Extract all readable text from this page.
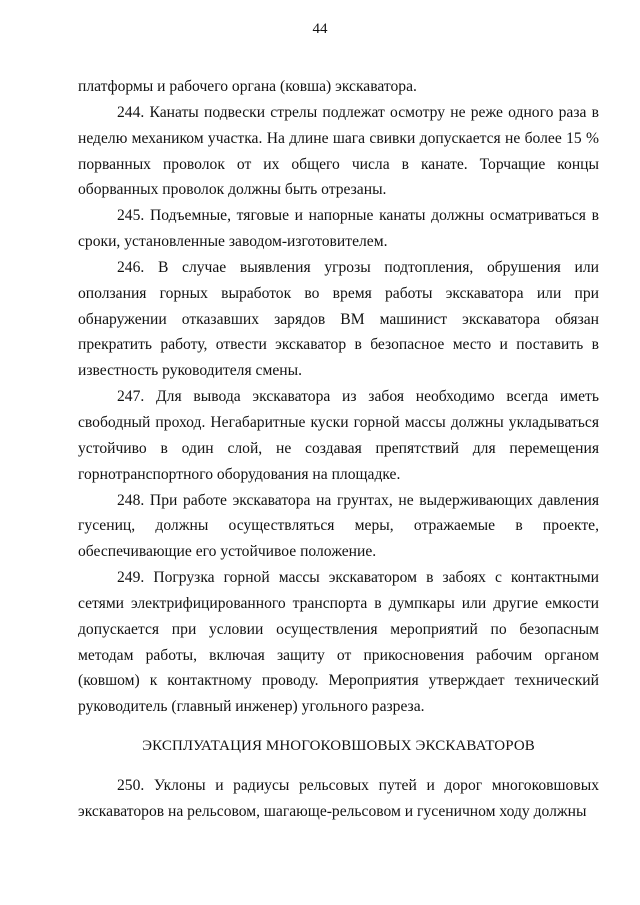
44

платформы и рабочего органа (ковша) экскаватора.

244. Канаты подвески стрелы подлежат осмотру не реже одного раза в неделю механиком участка. На длине шага свивки допускается не более 15 % порванных проволок от их общего числа в канате. Торчащие концы оборванных проволок должны быть отрезаны.

245. Подъемные, тяговые и напорные канаты должны осматриваться в сроки, установленные заводом-изготовителем.

246. В случае выявления угрозы подтопления, обрушения или оползания горных выработок во время работы экскаватора или при обнаружении отказавших зарядов ВМ машинист экскаватора обязан прекратить работу, отвести экскаватор в безопасное место и поставить в известность руководителя смены.

247. Для вывода экскаватора из забоя необходимо всегда иметь свободный проход. Негабаритные куски горной массы должны укладываться устойчиво в один слой, не создавая препятствий для перемещения горнотранспортного оборудования на площадке.

248. При работе экскаватора на грунтах, не выдерживающих давления гусениц, должны осуществляться меры, отражаемые в проекте, обеспечивающие его устойчивое положение.

249. Погрузка горной массы экскаватором в забоях с контактными сетями электрифицированного транспорта в думпкары или другие емкости допускается при условии осуществления мероприятий по безопасным методам работы, включая защиту от прикосновения рабочим органом (ковшом) к контактному проводу. Мероприятия утверждает технический руководитель (главный инженер) угольного разреза.

ЭКСПЛУАТАЦИЯ МНОГОКОВШОВЫХ ЭКСКАВАТОРОВ

250. Уклоны и радиусы рельсовых путей и дорог многоковшовых экскаваторов на рельсовом, шагающе-рельсовом и гусеничном ходу должны
